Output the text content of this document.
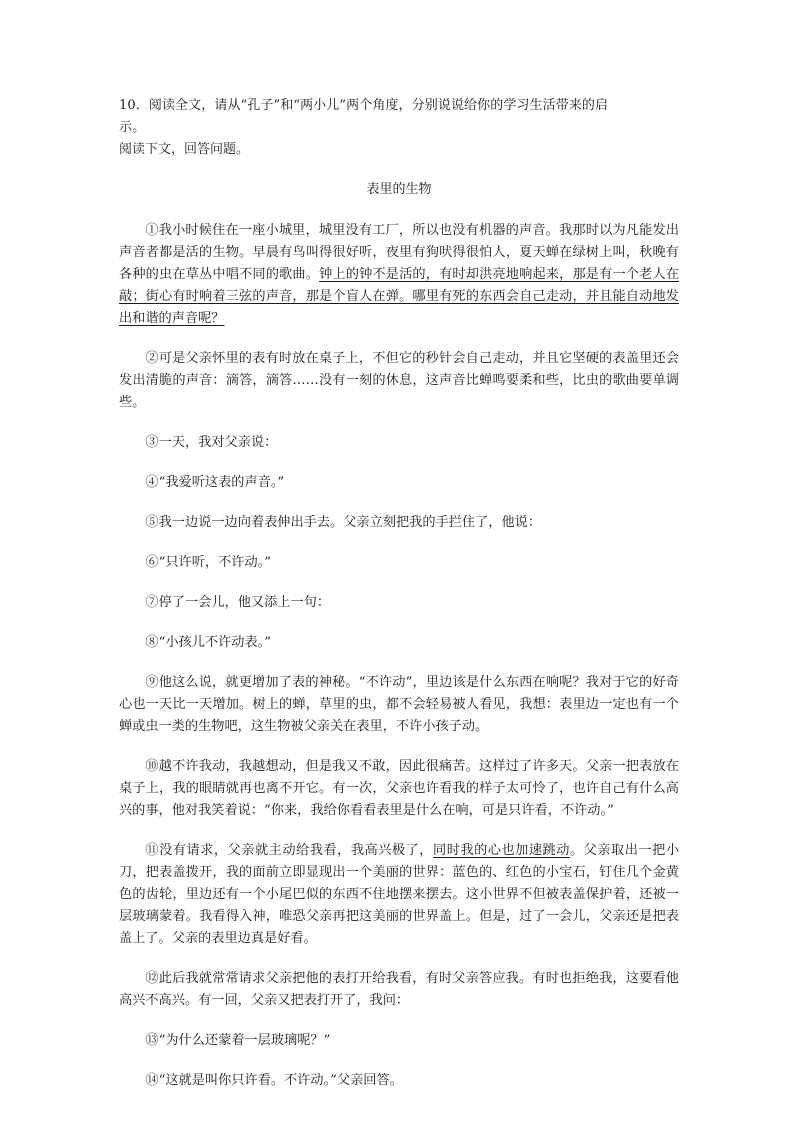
10．阅读全文，请从“孔子”和“两小儿”两个角度，分别说说给你的学习生活带来的启

示。

阅读下文，回答问题。

表里的生物

①我小时候住在一座小城里，城里没有工厂，所以也没有机器的声音。我那时以为凡能发出声音者都是活的生物。早晨有鸟叫得很好听，夜里有狗吠得很怕人，夏天蝉在绿树上叫，秋晚有各种的虫在草丛中唱不同的歌曲。钟上的钟不是活的，有时却洪亮地响起来，那是有一个老人在敲；街心有时响着三弦的声音，那是个盲人在弹。哪里有死的东西会自己走动，并且能自动地发出和谐的声音呢？

②可是父亲怀里的表有时放在桌子上，不但它的秒针会自己走动，并且它坚硬的表盖里还会发出清脆的声音：滴答，滴答……没有一刻的休息，这声音比蝉鸣要柔和些，比虫的歌曲要单调些。

③一天，我对父亲说：

④“我爱听这表的声音。”

⑤我一边说一边向着表伸出手去。父亲立刻把我的手拦住了，他说：

⑥“只许听，不许动。”

⑦停了一会儿，他又添上一句：

⑧“小孩儿不许动表。”

⑨他这么说，就更增加了表的神秘。“不许动”，里边该是什么东西在响呢？我对于它的好奇心也一天比一天增加。树上的蝉，草里的虫，都不会轻易被人看见，我想：表里边一定也有一个蝉或虫一类的生物吧，这生物被父亲关在表里，不许小孩子动。

⑩越不许我动，我越想动，但是我又不敢，因此很痛苦。这样过了许多天。父亲一把表放在桌子上，我的眼睛就再也离不开它。有一次，父亲也许看我的样子太可怜了，也许自己有什么高兴的事，他对我笑着说：“你来，我给你看看表里是什么在响，可是只许看，不许动。”

⑪没有请求，父亲就主动给我看，我高兴极了，同时我的心也加速跳动。父亲取出一把小刀，把表盖拨开，我的面前立即显现出一个美丽的世界：蓝色的、红色的小宝石，钉住几个金黄色的齿轮，里边还有一个小尾巴似的东西不住地摆来摆去。这小世界不但被表盖保护着，还被一层玻璃蒙着。我看得入神，唯恐父亲再把这美丽的世界盖上。但是，过了一会儿，父亲还是把表盖上了。父亲的表里边真是好看。

⑫此后我就常常请求父亲把他的表打开给我看，有时父亲答应我。有时也拒绝我，这要看他高兴不高兴。有一回，父亲又把表打开了，我问：

⑬“为什么还蒙着一层玻璃呢？”

⑭“这就是叫你只许看。不许动。”父亲回答。
